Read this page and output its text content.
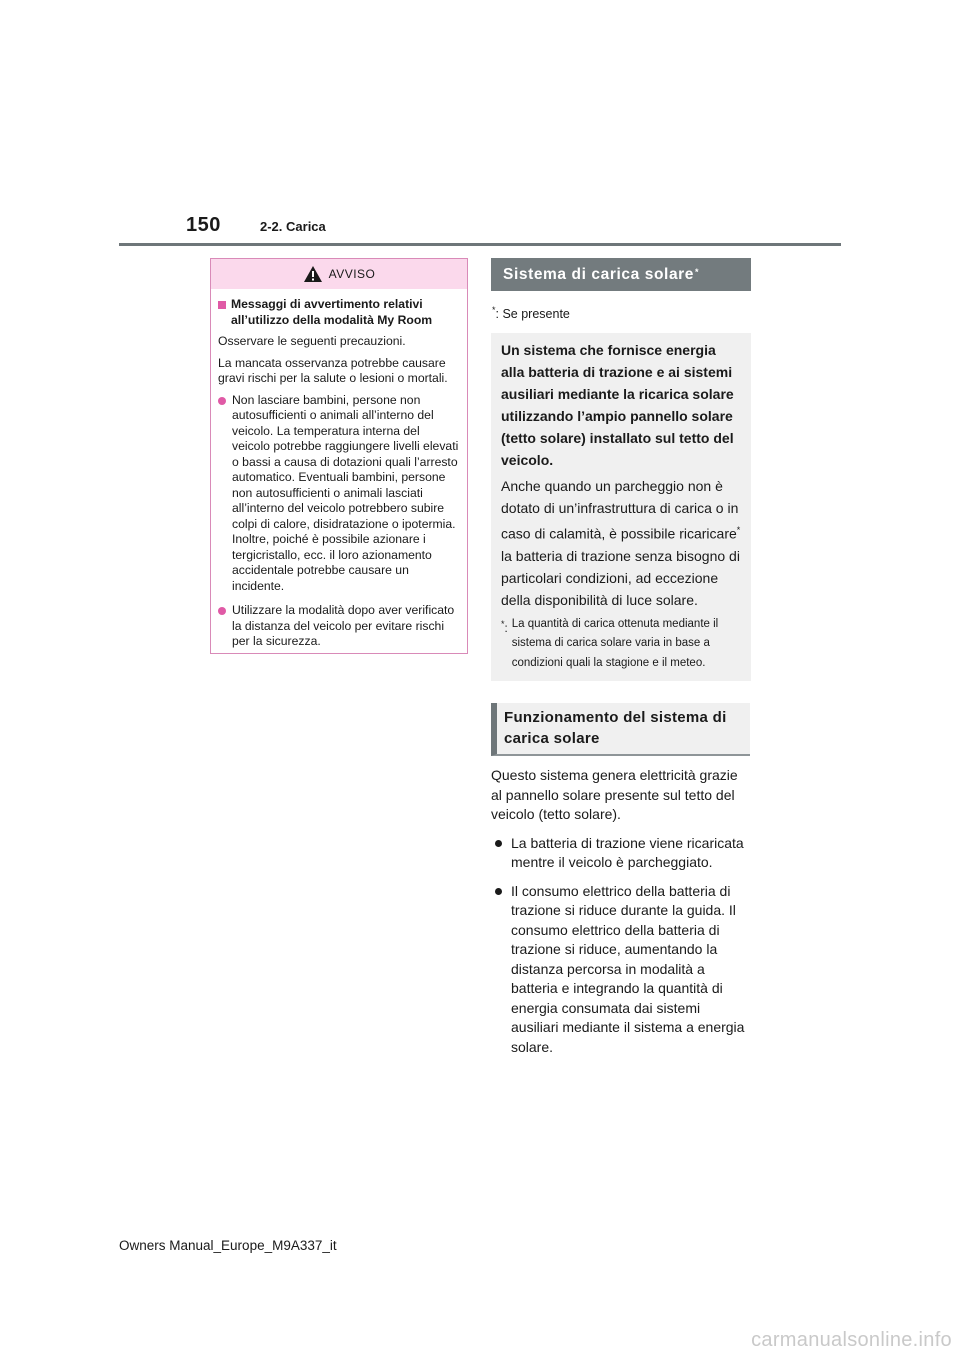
150	2-2. Carica
AVVISO
Messaggi di avvertimento relativi all’utilizzo della modalità My Room

Osservare le seguenti precauzioni.

La mancata osservanza potrebbe causare gravi rischi per la salute o lesioni o mortali.

Non lasciare bambini, persone non autosufficienti o animali all’interno del veicolo. La temperatura interna del veicolo potrebbe raggiungere livelli elevati o bassi a causa di dotazioni quali l’arresto automatico. Eventuali bambini, persone non autosufficienti o animali lasciati all’interno del veicolo potrebbero subire colpi di calore, disidratazione o ipotermia. Inoltre, poiché è possibile azionare i tergicristallo, ecc. il loro azionamento accidentale potrebbe causare un incidente.
Utilizzare la modalità dopo aver verificato la distanza del veicolo per evitare rischi per la sicurezza.
Sistema di carica solare*
*: Se presente

Un sistema che fornisce energia alla batteria di trazione e ai sistemi ausiliari mediante la ricarica solare utilizzando l’ampio pannello solare (tetto solare) installato sul tetto del veicolo.

Anche quando un parcheggio non è dotato di un’infrastruttura di carica o in caso di calamità, è possibile ricaricare* la batteria di trazione senza bisogno di particolari condizioni, ad eccezione della disponibilità di luce solare.

*: La quantità di carica ottenuta mediante il sistema di carica solare varia in base a condizioni quali la stagione e il meteo.
Funzionamento del sistema di carica solare

Questo sistema genera elettricità grazie al pannello solare presente sul tetto del veicolo (tetto solare).

La batteria di trazione viene ricaricata mentre il veicolo è parcheggiato.
Il consumo elettrico della batteria di trazione si riduce durante la guida. Il consumo elettrico della batteria di trazione si riduce, aumentando la distanza percorsa in modalità a batteria e integrando la quantità di energia consumata dai sistemi ausiliari mediante il sistema a energia solare.
Owners Manual_Europe_M9A337_it
carmanualsonline.info
